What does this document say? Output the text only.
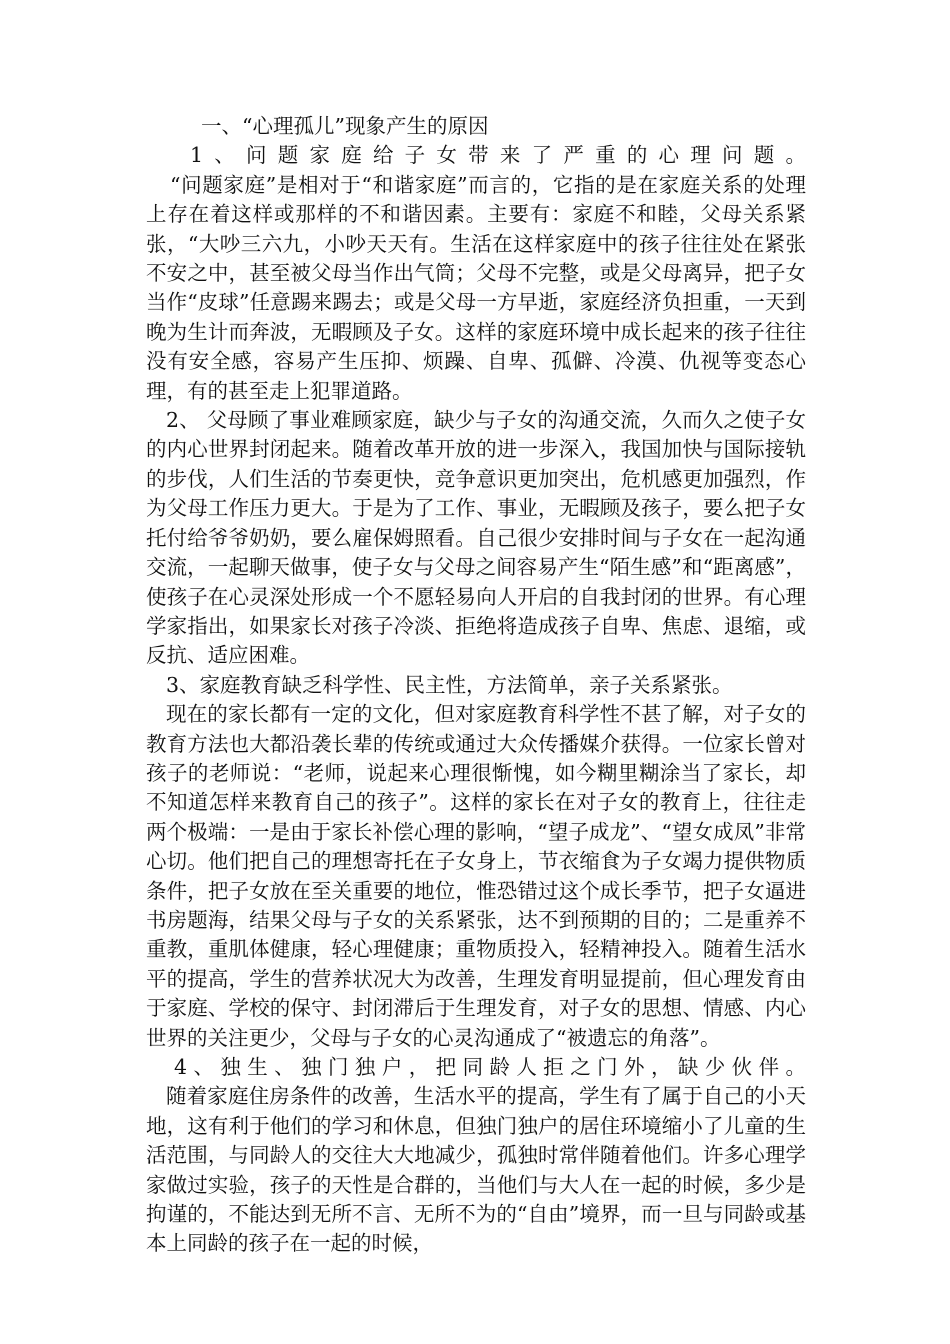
一、“心理孤儿”现象产生的原因

1、问题家庭给子女带来了严重的心理问题。

“问题家庭”是相对于“和谐家庭”而言的，它指的是在家庭关系的处理上存在着这样或那样的不和谐因素。主要有：家庭不和睦，父母关系紧张，“大吵三六九，小吵天天有。生活在这样家庭中的孩子往往处在紧张不安之中，甚至被父母当作出气筒；父母不完整，或是父母离异，把子女当作“皮球”任意踢来踢去；或是父母一方早逝，家庭经济负担重，一天到晚为生计而奔波，无暇顾及子女。这样的家庭环境中成长起来的孩子往往没有安全感，容易产生压抑、烦躁、自卑、孤僻、冷漠、仇视等变态心理，有的甚至走上犯罪道路。

2、 父母顾了事业难顾家庭，缺少与子女的沟通交流，久而久之使子女的内心世界封闭起来。随着改革开放的进一步深入，我国加快与国际接轨的步伐，人们生活的节奏更快，竞争意识更加突出，危机感更加强烈，作为父母工作压力更大。于是为了工作、事业，无暇顾及孩子，要么把子女托付给爷爷奶奶，要么雇保姆照看。自己很少安排时间与子女在一起沟通交流，一起聊天做事，使子女与父母之间容易产生“陌生感”和“距离感”，使孩子在心灵深处形成一个不愿轻易向人开启的自我封闭的世界。有心理学家指出，如果家长对孩子冷淡、拒绝将造成孩子自卑、焦虑、退缩，或反抗、适应困难。

3、家庭教育缺乏科学性、民主性，方法简单，亲子关系紧张。

现在的家长都有一定的文化，但对家庭教育科学性不甚了解，对子女的教育方法也大都沿袭长辈的传统或通过大众传播媒介获得。一位家长曾对孩子的老师说：“老师，说起来心理很惭愧，如今糊里糊涂当了家长，却不知道怎样来教育自己的孩子”。这样的家长在对子女的教育上，往往走两个极端：一是由于家长补偿心理的影响，“望子成龙”、“望女成凤”非常心切。他们把自己的理想寄托在子女身上，节衣缩食为子女竭力提供物质条件，把子女放在至关重要的地位，惟恐错过这个成长季节，把子女逼进书房题海，结果父母与子女的关系紧张，达不到预期的目的；二是重养不重教，重肌体健康，轻心理健康；重物质投入，轻精神投入。随着生活水平的提高，学生的营养状况大为改善，生理发育明显提前，但心理发育由于家庭、学校的保守、封闭滞后于生理发育，对子女的思想、情感、内心世界的关注更少，父母与子女的心灵沟通成了“被遗忘的角落”。

4、独生、独门独户，把同龄人拒之门外，缺少伙伴。

随着家庭住房条件的改善，生活水平的提高，学生有了属于自己的小天地，这有利于他们的学习和休息，但独门独户的居住环境缩小了儿童的生活范围，与同龄人的交往大大地减少，孤独时常伴随着他们。许多心理学家做过实验，孩子的天性是合群的，当他们与大人在一起的时候，多少是拘谨的，不能达到无所不言、无所不为的“自由”境界，而一旦与同龄或基本上同龄的孩子在一起的时候，
